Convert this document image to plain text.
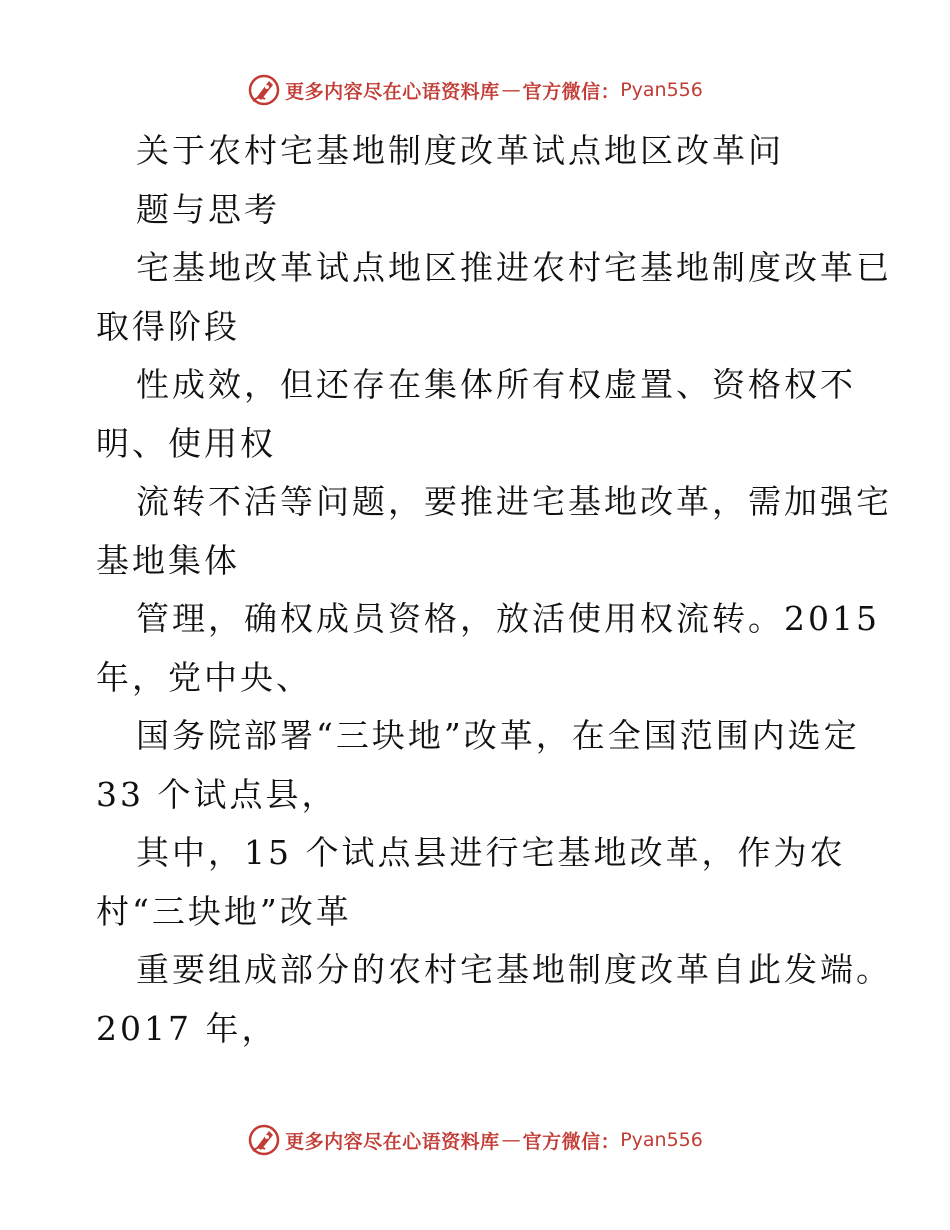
更多内容尽在心语资料库 — 官方微信： Pyan556
关于农村宅基地制度改革试点地区改革问
题与思考
宅基地改革试点地区推进农村宅基地制度改革已
取得阶段
性成效，但还存在集体所有权虚置、资格权不
明、使用权
流转不活等问题，要推进宅基地改革，需加强宅
基地集体
管理，确权成员资格，放活使用权流转。2015
年，党中央、
国务院部署“三块地”改革，在全国范围内选定
33 个试点县，
其中，15 个试点县进行宅基地改革，作为农
村“三块地”改革
重要组成部分的农村宅基地制度改革自此发端。
2017 年，
更多内容尽在心语资料库 — 官方微信： Pyan556
